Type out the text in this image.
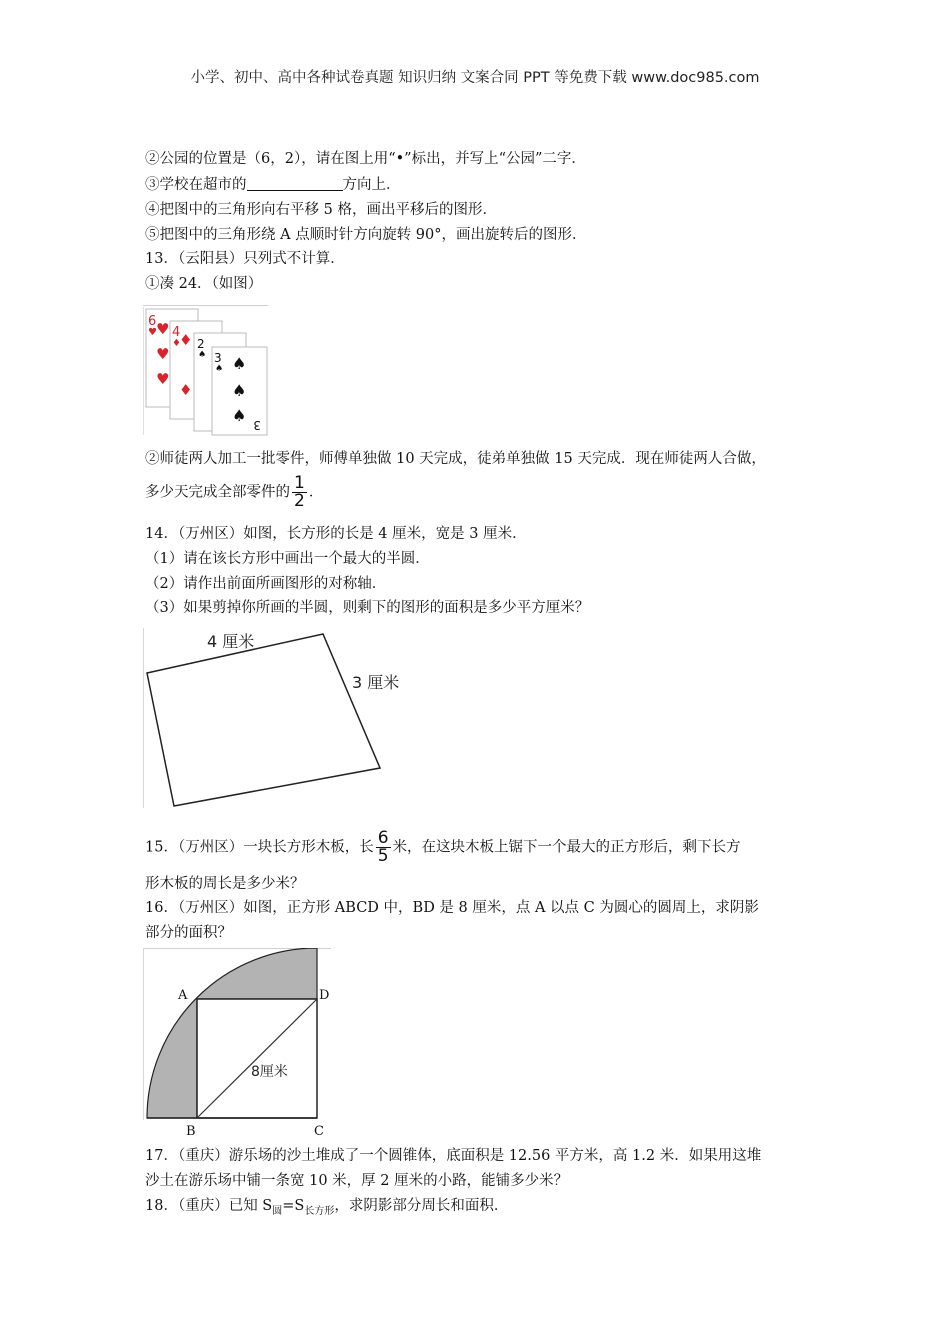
小学、初中、高中各种试卷真题 知识归纳 文案合同 PPT 等免费下载 www.doc985.com
②公园的位置是（6，2），请在图上用“•”标出，并写上“公园”二字．
③学校在超市的	方向上．
④把图中的三角形向右平移 5 格，画出平移后的图形．
⑤把图中的三角形绕 A 点顺时针方向旋转 90°，画出旋转后的图形．
13．（云阳县）只列式不计算．
①凑 24．（如图）
6
♥ ♥
♥
♥
4
♦
♦
♦
2
♠ 3
♠ ♠
♠
♠ 3
②师徒两人加工一批零件，师傅单独做 10 天完成，徒弟单独做 15 天完成．现在师徒两人合做，
多少天完成全部零件的 $\frac{1}{2}$ ．
14．（万州区）如图，长方形的长是 4 厘米，宽是 3 厘米．
（1）请在该长方形中画出一个最大的半圆．
（2）请作出前面所画图形的对称轴．
（3）如果剪掉你所画的半圆，则剩下的图形的面积是多少平方厘米？
4 厘米
3 厘米
15．（万州区）一块长方形木板，长 $\frac{6}{5}$ 米，在这块木板上锯下一个最大的正方形后，剩下长方
形木板的周长是多少米？
16．（万州区）如图，正方形 ABCD 中，BD 是 8 厘米，点 A 以点 C 为圆心的圆周上，求阴影
部分的面积？
A	D
B	C
8厘米
17．（重庆）游乐场的沙土堆成了一个圆锥体，底面积是 12.56 平方米，高 1.2 米．如果用这堆
沙土在游乐场中铺一条宽 10 米，厚 2 厘米的小路，能铺多少米？
18．（重庆）已知 $S_圆=S_{长方形}$，求阴影部分周长和面积．
